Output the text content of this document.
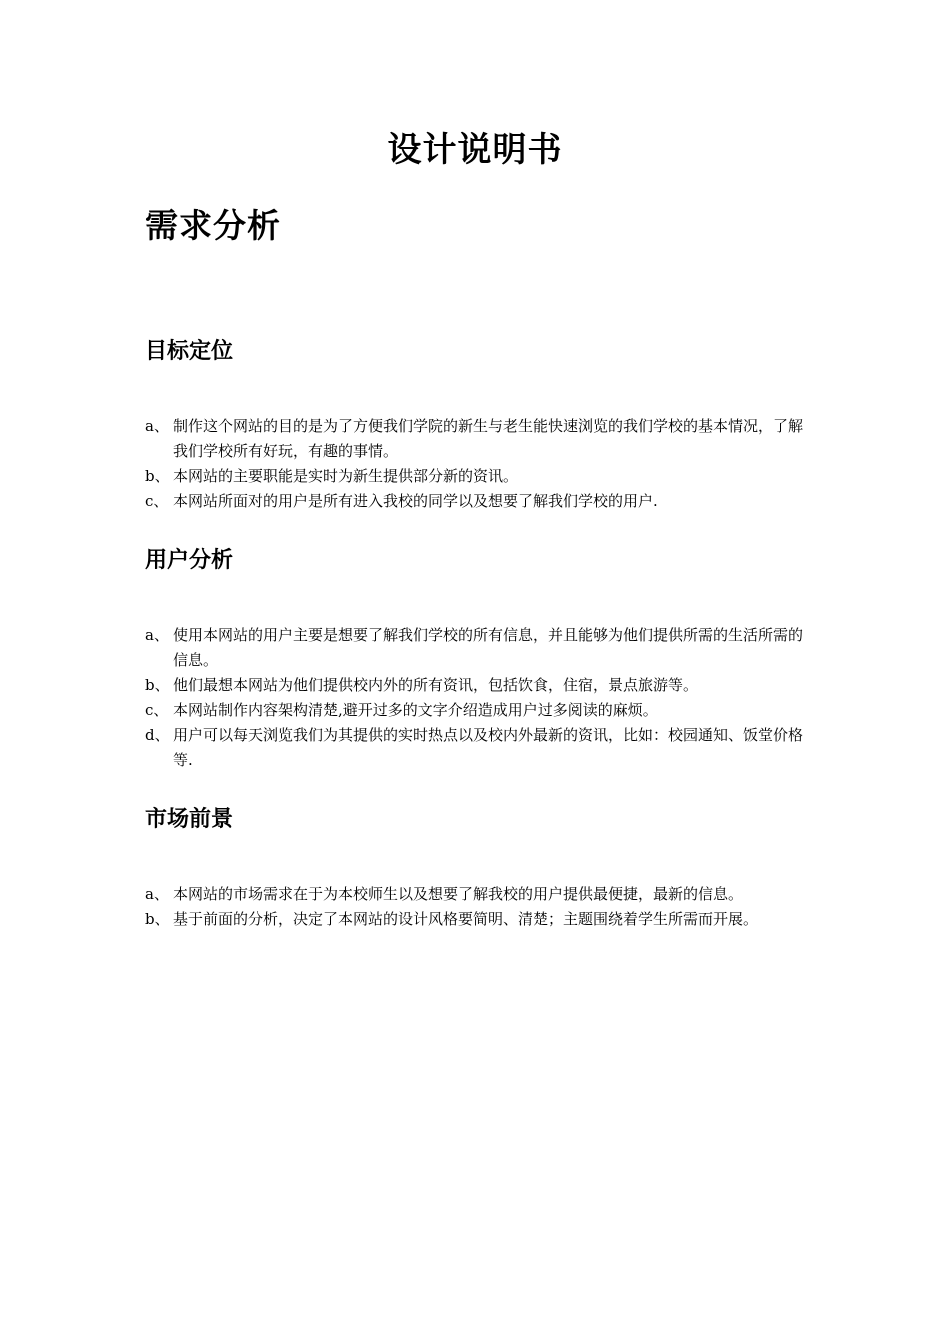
设计说明书
需求分析
目标定位
a、 制作这个网站的目的是为了方便我们学院的新生与老生能快速浏览的我们学校的基本情况，了解我们学校所有好玩，有趣的事情。
b、 本网站的主要职能是实时为新生提供部分新的资讯。
c、 本网站所面对的用户是所有进入我校的同学以及想要了解我们学校的用户.
用户分析
a、 使用本网站的用户主要是想要了解我们学校的所有信息，并且能够为他们提供所需的生活所需的信息。
b、 他们最想本网站为他们提供校内外的所有资讯，包括饮食，住宿，景点旅游等。
c、 本网站制作内容架构清楚,避开过多的文字介绍造成用户过多阅读的麻烦。
d、 用户可以每天浏览我们为其提供的实时热点以及校内外最新的资讯，比如：校园通知、饭堂价格等.
市场前景
a、 本网站的市场需求在于为本校师生以及想要了解我校的用户提供最便捷，最新的信息。
b、 基于前面的分析，决定了本网站的设计风格要简明、清楚；主题围绕着学生所需而开展。
